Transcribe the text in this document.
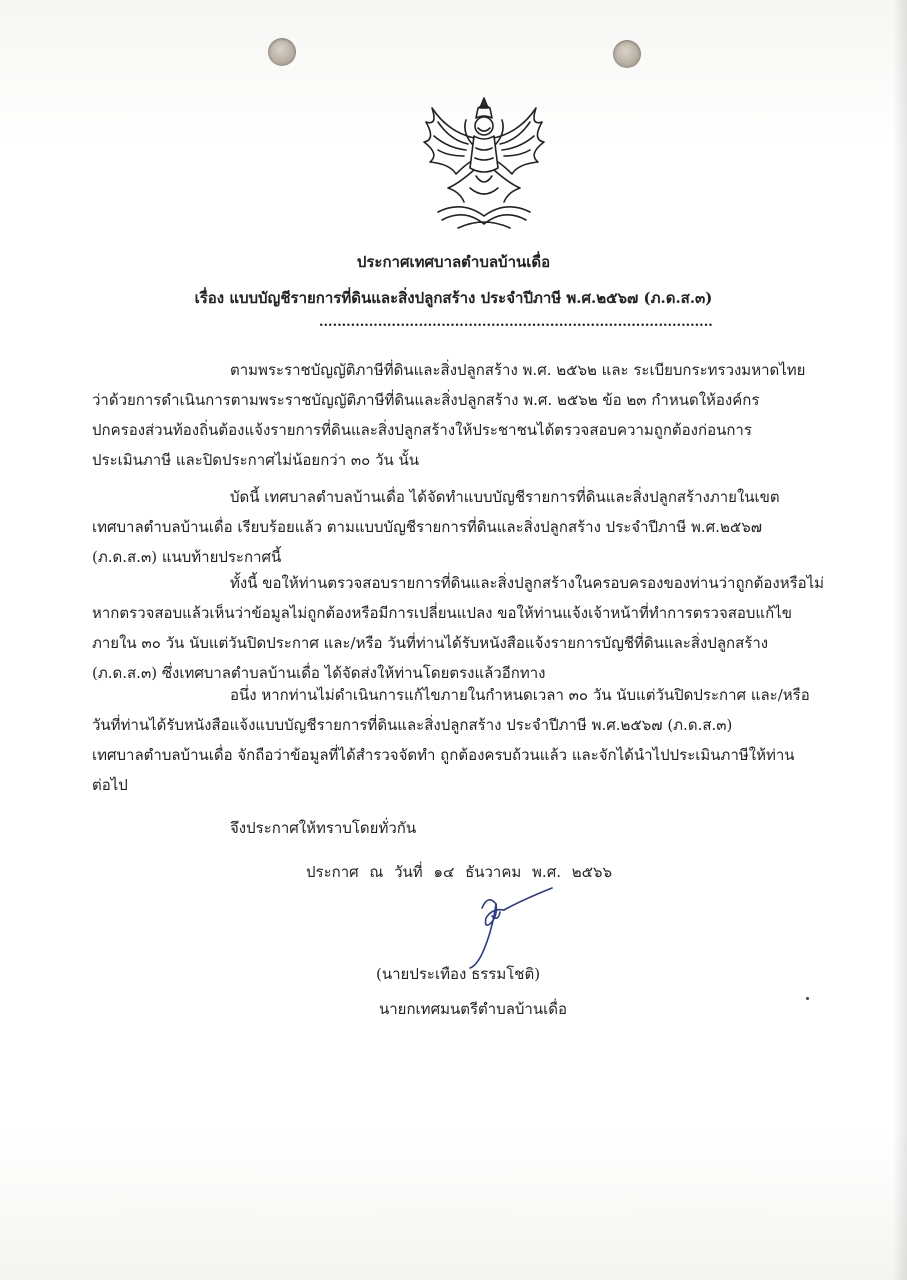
ประกาศเทศบาลตำบลบ้านเดื่อ
เรื่อง แบบบัญชีรายการที่ดินและสิ่งปลูกสร้าง ประจำปีภาษี พ.ศ.๒๕๖๗ (ภ.ด.ส.๓)
.......................................................................................
ตามพระราชบัญญัติภาษีที่ดินและสิ่งปลูกสร้าง พ.ศ. ๒๕๖๒ และ ระเบียบกระทรวงมหาดไทย
ว่าด้วยการดำเนินการตามพระราชบัญญัติภาษีที่ดินและสิ่งปลูกสร้าง พ.ศ. ๒๕๖๒ ข้อ ๒๓ กำหนดให้องค์กร
ปกครองส่วนท้องถิ่นต้องแจ้งรายการที่ดินและสิ่งปลูกสร้างให้ประชาชนได้ตรวจสอบความถูกต้องก่อนการ
ประเมินภาษี และปิดประกาศไม่น้อยกว่า ๓๐ วัน นั้น
บัดนี้ เทศบาลตำบลบ้านเดื่อ ได้จัดทำแบบบัญชีรายการที่ดินและสิ่งปลูกสร้างภายในเขต
เทศบาลตำบลบ้านเดื่อ เรียบร้อยแล้ว ตามแบบบัญชีรายการที่ดินและสิ่งปลูกสร้าง ประจำปีภาษี พ.ศ.๒๕๖๗
(ภ.ด.ส.๓) แนบท้ายประกาศนี้
ทั้งนี้ ขอให้ท่านตรวจสอบรายการที่ดินและสิ่งปลูกสร้างในครอบครองของท่านว่าถูกต้องหรือไม่
หากตรวจสอบแล้วเห็นว่าข้อมูลไม่ถูกต้องหรือมีการเปลี่ยนแปลง ขอให้ท่านแจ้งเจ้าหน้าที่ทำการตรวจสอบแก้ไข
ภายใน ๓๐ วัน นับแต่วันปิดประกาศ และ/หรือ วันที่ท่านได้รับหนังสือแจ้งรายการบัญชีที่ดินและสิ่งปลูกสร้าง
(ภ.ด.ส.๓) ซึ่งเทศบาลตำบลบ้านเดื่อ ได้จัดส่งให้ท่านโดยตรงแล้วอีกทาง
อนึ่ง หากท่านไม่ดำเนินการแก้ไขภายในกำหนดเวลา ๓๐ วัน นับแต่วันปิดประกาศ และ/หรือ
วันที่ท่านได้รับหนังสือแจ้งแบบบัญชีรายการที่ดินและสิ่งปลูกสร้าง ประจำปีภาษี พ.ศ.๒๕๖๗ (ภ.ด.ส.๓)
เทศบาลตำบลบ้านเดื่อ จักถือว่าข้อมูลที่ได้สำรวจจัดทำ ถูกต้องครบถ้วนแล้ว และจักได้นำไปประเมินภาษีให้ท่าน
ต่อไป
จึงประกาศให้ทราบโดยทั่วกัน
ประกาศ ณ วันที่ ๑๔ ธันวาคม พ.ศ. ๒๕๖๖
(นายประเทือง ธรรมโชติ)
นายกเทศมนตรีตำบลบ้านเดื่อ
